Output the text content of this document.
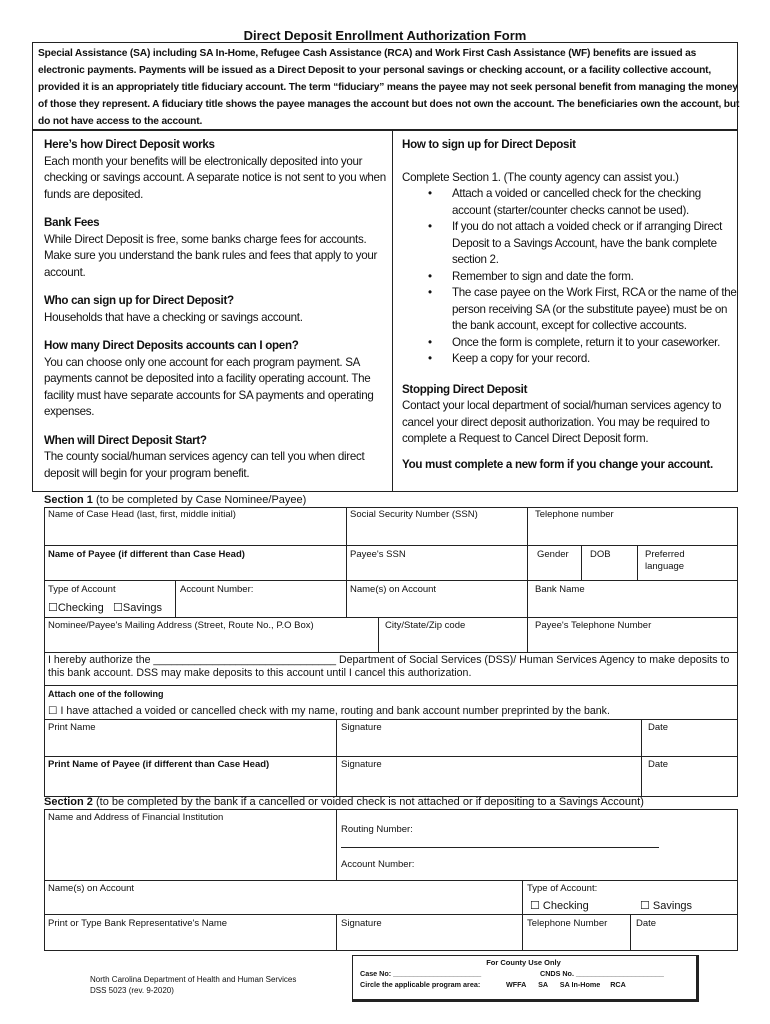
Direct Deposit Enrollment Authorization Form
Special Assistance (SA) including SA In-Home, Refugee Cash Assistance (RCA) and Work First Cash Assistance (WF) benefits are issued as electronic payments. Payments will be issued as a Direct Deposit to your personal savings or checking account, or a facility collective account, provided it is an appropriately title fiduciary account. The term “fiduciary” means the payee may not seek personal benefit from managing the money of those they represent. A fiduciary title shows the payee manages the account but does not own the account. The beneficiaries own the account, but do not have access to the account.
Here’s how Direct Deposit works
Each month your benefits will be electronically deposited into your checking or savings account. A separate notice is not sent to you when funds are deposited.
Bank Fees
While Direct Deposit is free, some banks charge fees for accounts. Make sure you understand the bank rules and fees that apply to your account.
Who can sign up for Direct Deposit?
Households that have a checking or savings account.
How many Direct Deposits accounts can I open?
You can choose only one account for each program payment. SA payments cannot be deposited into a facility operating account. The facility must have separate accounts for SA payments and operating expenses.
When will Direct Deposit Start?
The county social/human services agency can tell you when direct deposit will begin for your program benefit.
How to sign up for Direct Deposit
Complete Section 1. (The county agency can assist you.)
• Attach a voided or cancelled check for the checking account (starter/counter checks cannot be used).
• If you do not attach a voided check or if arranging Direct Deposit to a Savings Account, have the bank complete section 2.
• Remember to sign and date the form.
• The case payee on the Work First, RCA or the name of the person receiving SA (or the substitute payee) must be on the bank account, except for collective accounts.
• Once the form is complete, return it to your caseworker.
• Keep a copy for your record.
Stopping Direct Deposit
Contact your local department of social/human services agency to cancel your direct deposit authorization. You may be required to complete a Request to Cancel Direct Deposit form.
You must complete a new form if you change your account.
Section 1 (to be completed by Case Nominee/Payee)
Name of Case Head (last, first, middle initial)	Social Security Number (SSN)	Telephone number
Name of Payee (if different than Case Head)	Payee's SSN	Gender DOB	Preferred language
Type of Account	Account Number:	Name(s) on Account	Bank Name
☐Checking ☐Savings
Nominee/Payee's Mailing Address (Street, Route No., P.O Box)	City/State/Zip code	Payee's Telephone Number
I hereby authorize the _______________________________ Department of Social Services (DSS)/ Human Services Agency to make deposits to this bank account. DSS may make deposits to this account until I cancel this authorization.
Attach one of the following
☐ I have attached a voided or cancelled check with my name, routing and bank account number preprinted by the bank.
Print Name	Signature	Date
Print Name of Payee (if different than Case Head)	Signature	Date
Section 2 (to be completed by the bank if a cancelled or voided check is not attached or if depositing to a Savings Account)
Name and Address of Financial Institution
Routing Number:
Account Number:
Name(s) on Account	Type of Account:
☐ Checking	☐ Savings
Print or Type Bank Representative's Name	Signature	Telephone Number	Date
North Carolina Department of Health and Human Services
DSS 5023 (rev. 9-2020)
For County Use Only
Case No: ______________________	CNDS No. ______________________
Circle the applicable program area:	WFFA      SA      SA In-Home     RCA
